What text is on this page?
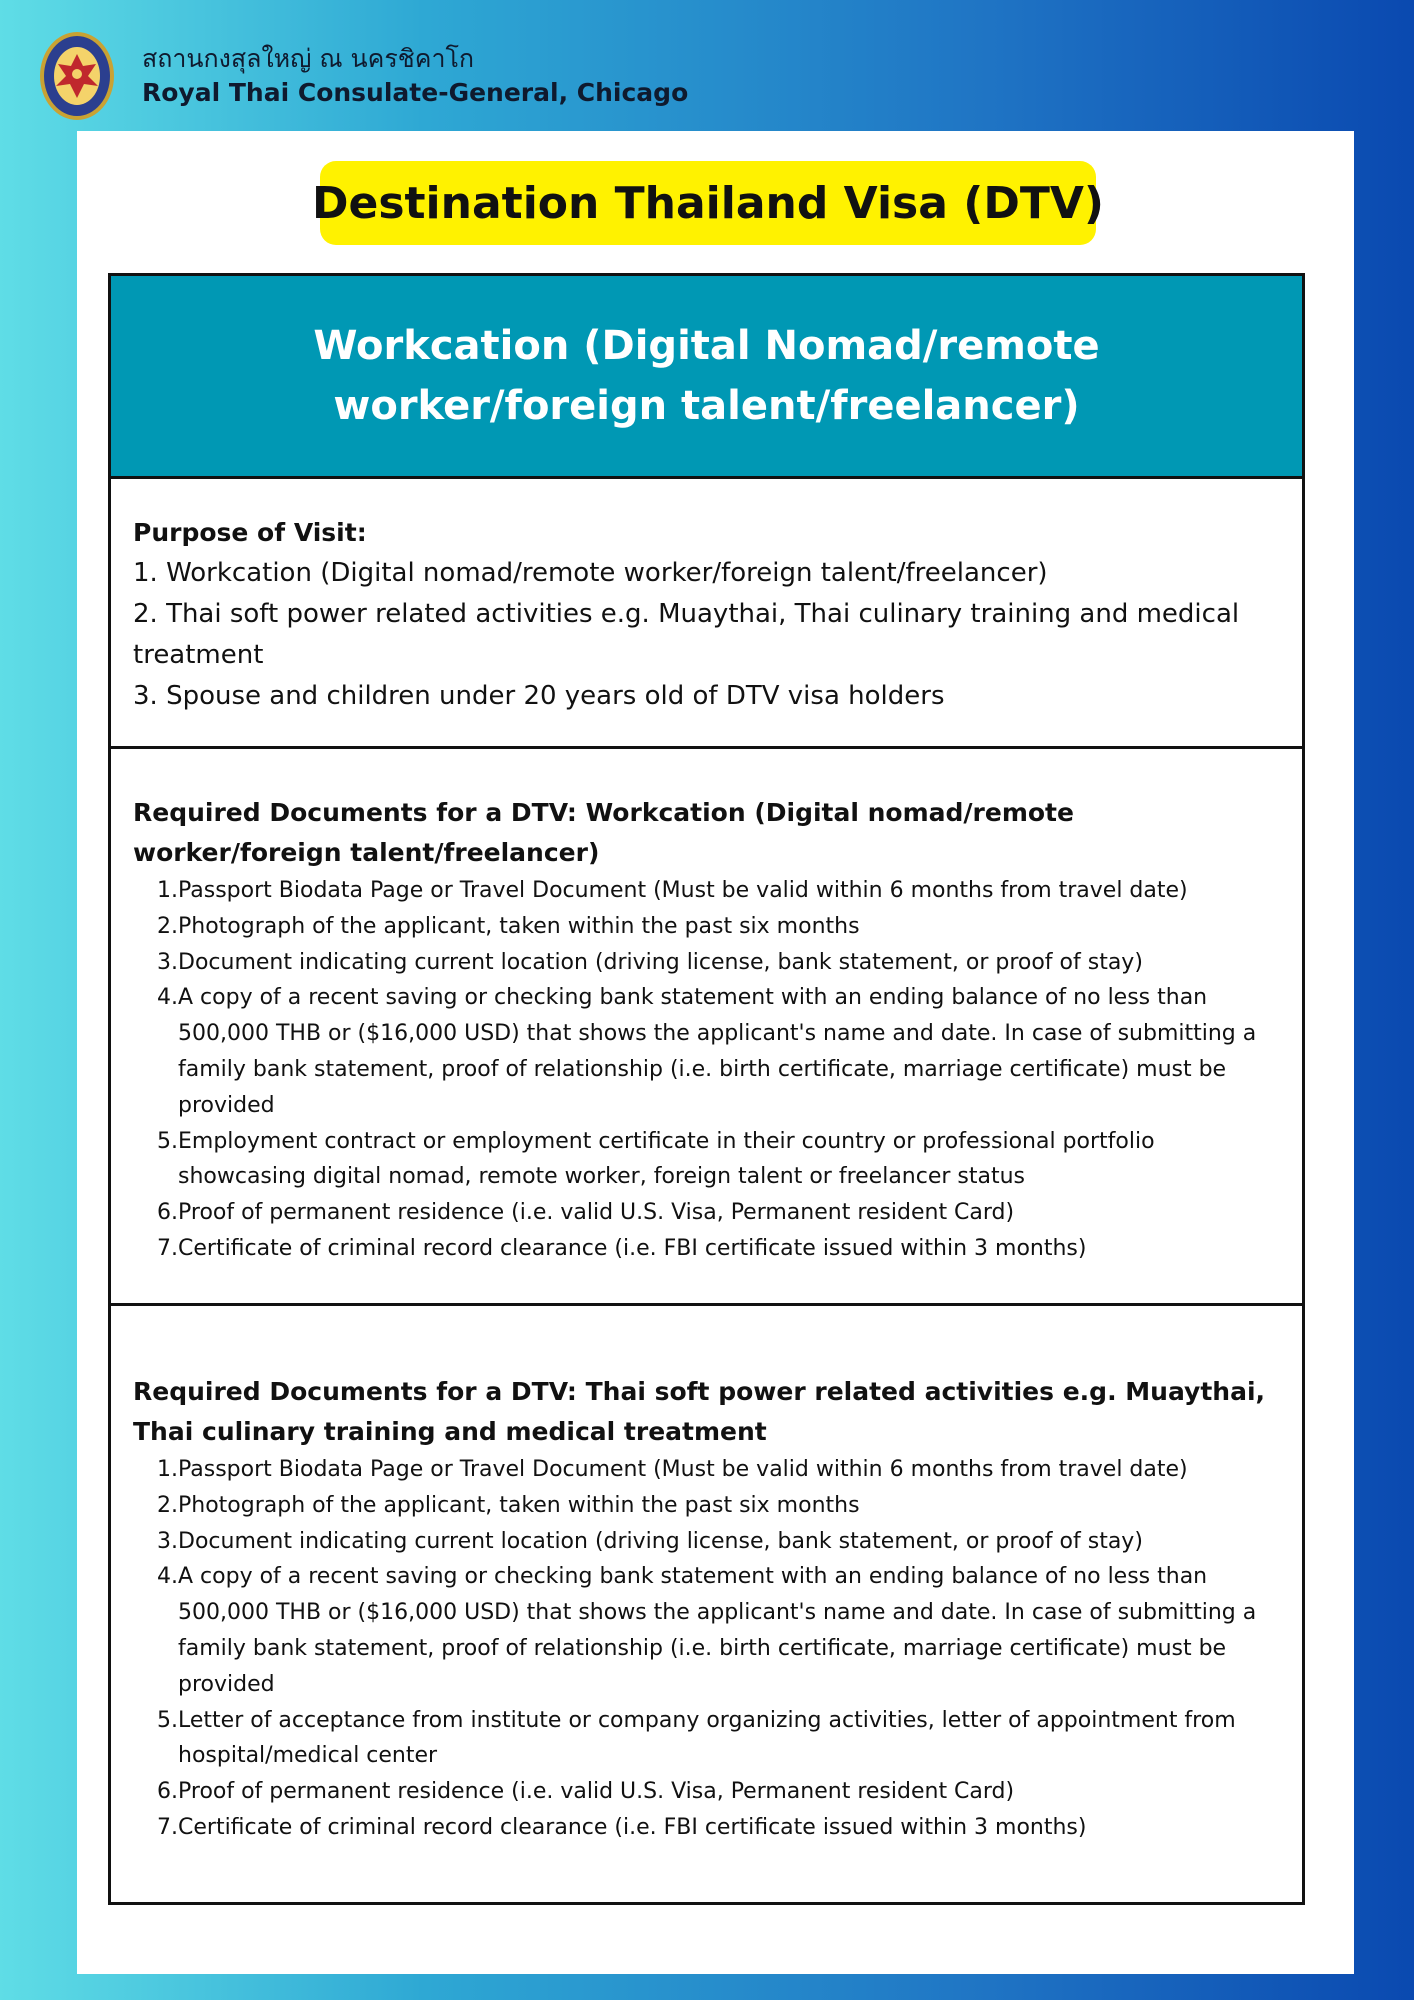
สถานกงสุลใหญ่ ณ นครชิคาโก
Royal Thai Consulate-General, Chicago
Destination Thailand Visa (DTV)
Workcation (Digital Nomad/remote worker/foreign talent/freelancer)
Purpose of Visit:
1. Workcation (Digital nomad/remote worker/foreign talent/freelancer)
2. Thai soft power related activities e.g. Muaythai, Thai culinary training and medical treatment
3. Spouse and children under 20 years old of DTV visa holders
Required Documents for a DTV: Workcation (Digital nomad/remote worker/foreign talent/freelancer)
1. Passport Biodata Page or Travel Document (Must be valid within 6 months from travel date)
2. Photograph of the applicant, taken within the past six months
3. Document indicating current location (driving license, bank statement, or proof of stay)
4. A copy of a recent saving or checking bank statement with an ending balance of no less than 500,000 THB or ($16,000 USD) that shows the applicant's name and date. In case of submitting a family bank statement, proof of relationship (i.e. birth certificate, marriage certificate) must be provided
5. Employment contract or employment certificate in their country or professional portfolio showcasing digital nomad, remote worker, foreign talent or freelancer status
6. Proof of permanent residence (i.e. valid U.S. Visa, Permanent resident Card)
7. Certificate of criminal record clearance (i.e. FBI certificate issued within 3 months)
Required Documents for a DTV: Thai soft power related activities e.g. Muaythai, Thai culinary training and medical treatment
1. Passport Biodata Page or Travel Document (Must be valid within 6 months from travel date)
2. Photograph of the applicant, taken within the past six months
3. Document indicating current location (driving license, bank statement, or proof of stay)
4. A copy of a recent saving or checking bank statement with an ending balance of no less than 500,000 THB or ($16,000 USD) that shows the applicant's name and date. In case of submitting a family bank statement, proof of relationship (i.e. birth certificate, marriage certificate) must be provided
5. Letter of acceptance from institute or company organizing activities, letter of appointment from hospital/medical center
6. Proof of permanent residence (i.e. valid U.S. Visa, Permanent resident Card)
7. Certificate of criminal record clearance (i.e. FBI certificate issued within 3 months)
